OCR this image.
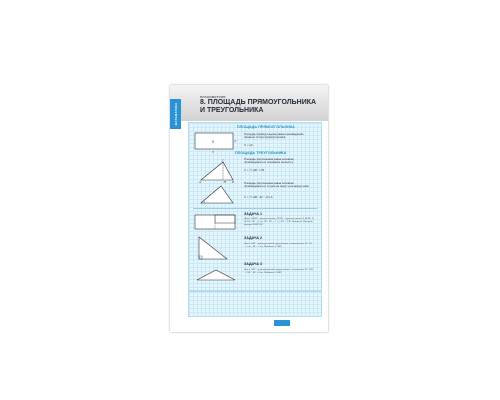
МАТЕМАТИКА
ПЛАНИМЕТРИЯ
8. ПЛОЩАДЬ ПРЯМОУГОЛЬНИКА
И ТРЕУГОЛЬНИКА
ПЛОЩАДЬ ПРЯМОУГОЛЬНИКА
S
a
b

Площадь прямоугольника равна произведению смежных сторон прямоугольника.

S = ab
ПЛОЩАДЬ ТРЕУГОЛЬНИКА
A	B
C
H

Площадь треугольника равна половине произведения его основания на высоту.

S = ½ AB · CH

Площадь треугольника равна половине произведения его сторон на синус угла между ними.

S = ½ AB · AC · sin A
ЗАДАЧА 1

Дано: ABCD – прямоугольник, CEFG – прямоугольник, E ∈ BC, G ∈ CD, AD = 5 см, AE : CE = 3 : 2, CG = CD. Найдите: Площадь фигуры ABEFGD.

ЗАДАЧА 2

Дано: ABC – прямоугольный треугольник с гипотенузой AC. AC = 5 см, AB = 3 см. Найдите: S ABC

ЗАДАЧА 3

Дано: ABC – равнобедренный треугольник с основанием AC. ∠B = 150°, AB = 4 см. Найдите: S ABC
